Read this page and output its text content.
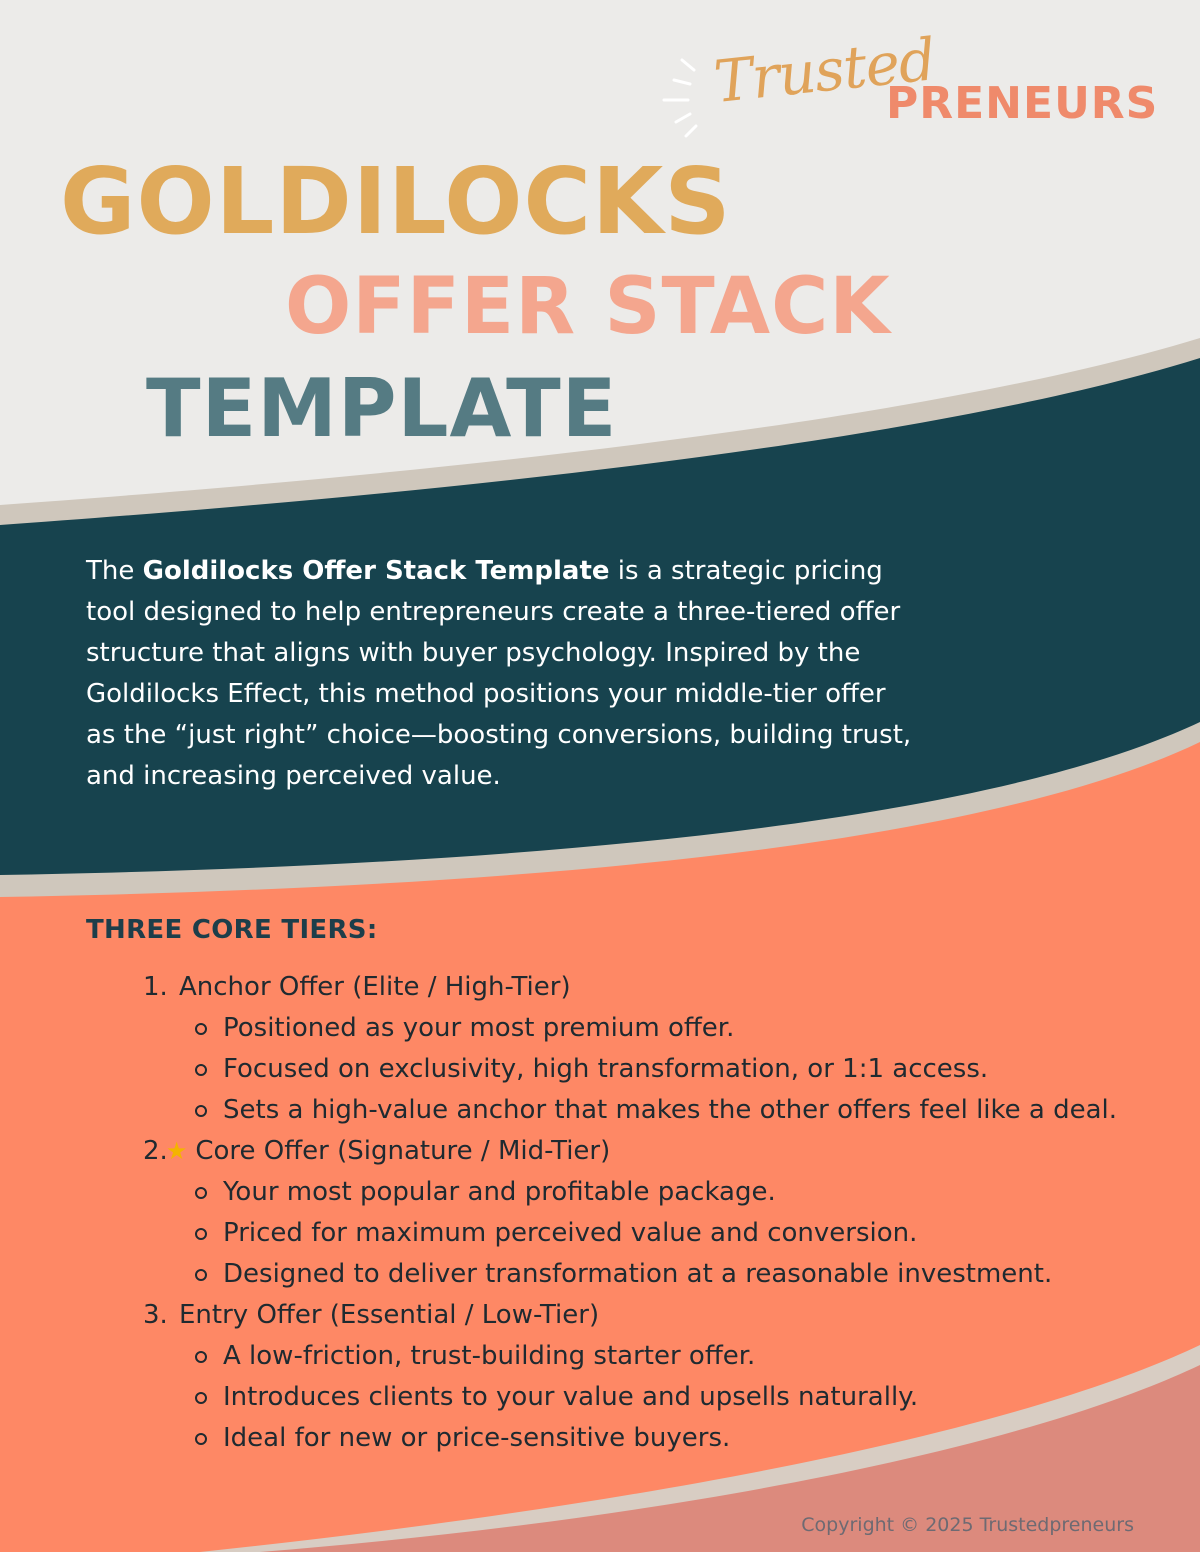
Trusted
PRENEURS
GOLDILOCKS
OFFER STACK
TEMPLATE
The Goldilocks Offer Stack Template is a strategic pricing tool designed to help entrepreneurs create a three-tiered offer structure that aligns with buyer psychology. Inspired by the Goldilocks Effect, this method positions your middle-tier offer as the “just right” choice—boosting conversions, building trust, and increasing perceived value.
THREE CORE TIERS:
1. Anchor Offer (Elite / High-Tier)
Positioned as your most premium offer.
Focused on exclusivity, high transformation, or 1:1 access.
Sets a high-value anchor that makes the other offers feel like a deal.
2.
★ Core Offer (Signature / Mid-Tier)
Your most popular and profitable package.
Priced for maximum perceived value and conversion.
Designed to deliver transformation at a reasonable investment.
3. Entry Offer (Essential / Low-Tier)
A low-friction, trust-building starter offer.
Introduces clients to your value and upsells naturally.
Ideal for new or price-sensitive buyers.
Copyright © 2025 Trustedpreneurs
